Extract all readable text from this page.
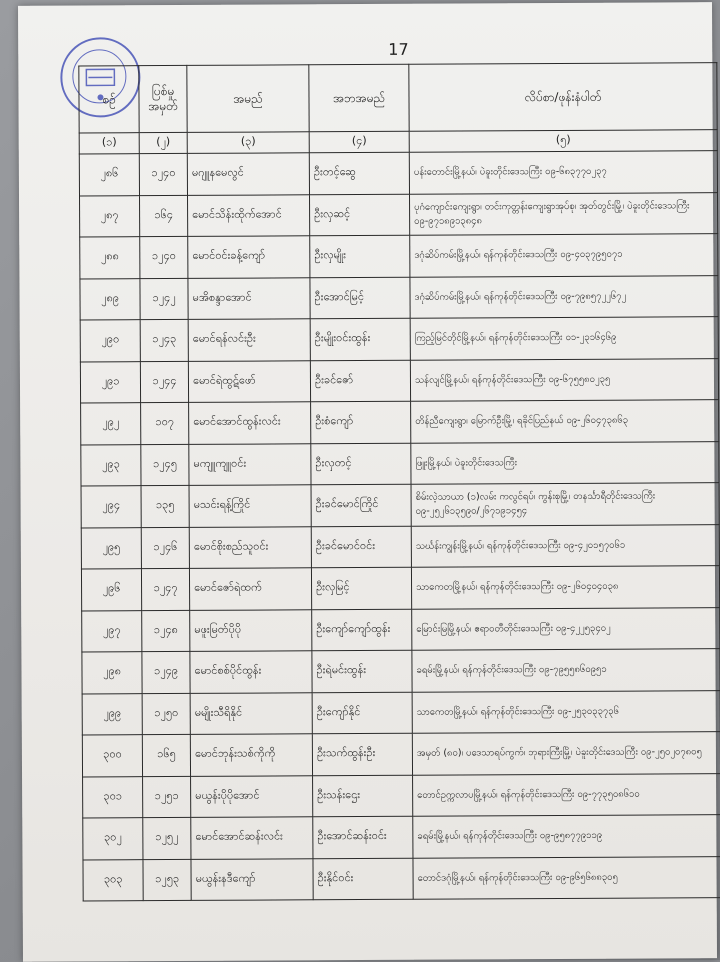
17
စဉ်	ပြစ်မှုအမှတ်	အမည်	အဘအမည်	လိပ်စာ/ဖုန်းနံပါတ်
(၁)	(၂)	(၃)	(၄)	(၅)
၂၈၆	၁၂၄၀	မဂျူနမေလွင်	ဦးတင့်ဆွေ	ပန်းတောင်းမြို့နယ်၊ ပဲခူးတိုင်းဒေသကြီး ၀၉-၆၈၃၇၇၀၂၃၇
၂၈၇	၁၆၄	မောင်သိန်းထိုက်အောင်	ဦးလှဆင့်	ပုဂံကျောင်းကျေးရွာ၊ တင်းကုတ္တန်းကျေးရွာအုပ်စု၊ အုတ်တွင်းမြို့၊ ပဲခူးတိုင်းဒေသကြီး ၀၉-၉၇၁၈၉၁၃၈၄၈
၂၈၈	၁၂၄၀	မောင်ဝင်းခန့်ကျော်	ဦးလှမျိုး	ဒဂုံဆိပ်ကမ်းမြို့နယ်၊ ရန်ကုန်တိုင်းဒေသကြီး ၀၉-၄၀၃၇၉၅၀၇၁
၂၈၉	၁၂၄၂	မအိစန္ဒာအောင်	ဦးအောင်မြင့်	ဒဂုံဆိပ်ကမ်းမြို့နယ်၊ ရန်ကုန်တိုင်းဒေသကြီး ၀၉-၇၉၈၅၇၂၂၆၇၂
၂၉၀	၁၂၄၃	မောင်ရန်လင်းဦး	ဦးမျိုးဝင်းထွန်း	ကြည့်မြင်တိုင်မြို့နယ်၊ ရန်ကုန်တိုင်းဒေသကြီး ၀၁-၂၃၁၆၄၆၉
၂၉၁	၁၂၄၄	မောင်ရဲထွဋ်ဖော်	ဦးခင်ဇော်	သန်လျင်မြို့နယ်၊ ရန်ကုန်တိုင်းဒေသကြီး ၀၉-၆၇၅၅၈၀၂၃၅
၂၉၂	၁၀၇	မောင်အောင်ထွန်းလင်း	ဦးစံကျော်	တိန်ညီကျေးရွာ၊ မြောက်ဦးမြို့၊ ရခိုင်ပြည်နယ် ၀၉-၂၆၀၄၇၃၈၆၃
၂၉၃	၁၂၄၅	မကျူကျူဝင်း	ဦးလှတင့်	ဖြူးမြို့နယ်၊ ပဲခူးတိုင်းဒေသကြီး
၂၉၄	၁၃၅	မသင်းရန့်ကြိုင်	ဦးခင်မောင်ကြိုင်	စိမ်းလဲ့သာယာ (၁)လမ်း ကလွင်ရပ်၊ ကွန်းစုမြို့၊ တနင်္သာရီတိုင်းဒေသကြီး ၀၉-၂၅၂၆၁၃၅၉၀/၂၆၇၁၉၁၄၅၄
၂၉၅	၁၂၄၆	မောင်စိုးစည်သူဝင်း	ဦးခင်မောင်ဝင်း	သင်္ဃန်းကျွန်းမြို့နယ်၊ ရန်ကုန်တိုင်းဒေသကြီး ၀၉-၄၂၀၁၅၇၀၆၁
၂၉၆	၁၂၄၇	မောင်ဇော်ရဲထက်	ဦးလှမြင့်	သာကေတမြို့နယ်၊ ရန်ကုန်တိုင်းဒေသကြီး ၀၉-၂၆၀၄၀၄၀၃၈
၂၉၇	၁၂၄၈	မဖူးမြတ်ပိုပို	ဦးကျော်ကျော်ထွန်း	မြောင်းမြမြို့နယ်၊ ဧရာဝတီတိုင်းဒေသကြီး ၀၉-၄၂၂၅၃၄၀၂
၂၉၈	၁၂၄၉	မောင်စစ်ပိုင်ထွန်း	ဦးရဲမင်းထွန်း	ခရမ်းမြို့နယ်၊ ရန်ကုန်တိုင်းဒေသကြီး ၀၉-၇၉၅၅၈၆၀၉၅၁
၂၉၉	၁၂၅၀	မမျိုးသီရိနိုင်	ဦးကျော်နိုင်	သာကေတမြို့နယ်၊ ရန်ကုန်တိုင်းဒေသကြီး ၀၉-၂၅၃၀၃၃၇၃၆
၃၀၀	၁၆၅	မောင်ဘုန်းသစ်ကိုကို	ဦးသက်ထွန်းဦး	အမှတ် (၈၀)၊ ပဒေသာရပ်ကွက်၊ ဘုရားကြီးမြို့၊ ပဲခူးတိုင်းဒေသကြီး ၀၉-၂၅၀၂၀၇၈၀၅
၃၀၁	၁၂၅၁	မယွန်းပိုပိုအောင်	ဦးသန်းဌေး	တောင်ဥက္ကလာပမြို့နယ်၊ ရန်ကုန်တိုင်းဒေသကြီး ၀၉-၇၇၃၅၀၈၆၁၀
၃၀၂	၁၂၅၂	မောင်အောင်ဆန်းလင်း	ဦးအောင်ဆန်းဝင်း	ခရမ်းမြို့နယ်၊ ရန်ကုန်တိုင်းဒေသကြီး ၀၉-၉၅၈၇၇၉၁၁၉
၃၀၃	၁၂၅၃	မယွန်းနဒီကျော်	ဦးနိုင်ဝင်း	တောင်ဒဂုံမြို့နယ်၊ ရန်ကုန်တိုင်းဒေသကြီး ၀၉-၉၆၅၆၈၈၃၀၅
